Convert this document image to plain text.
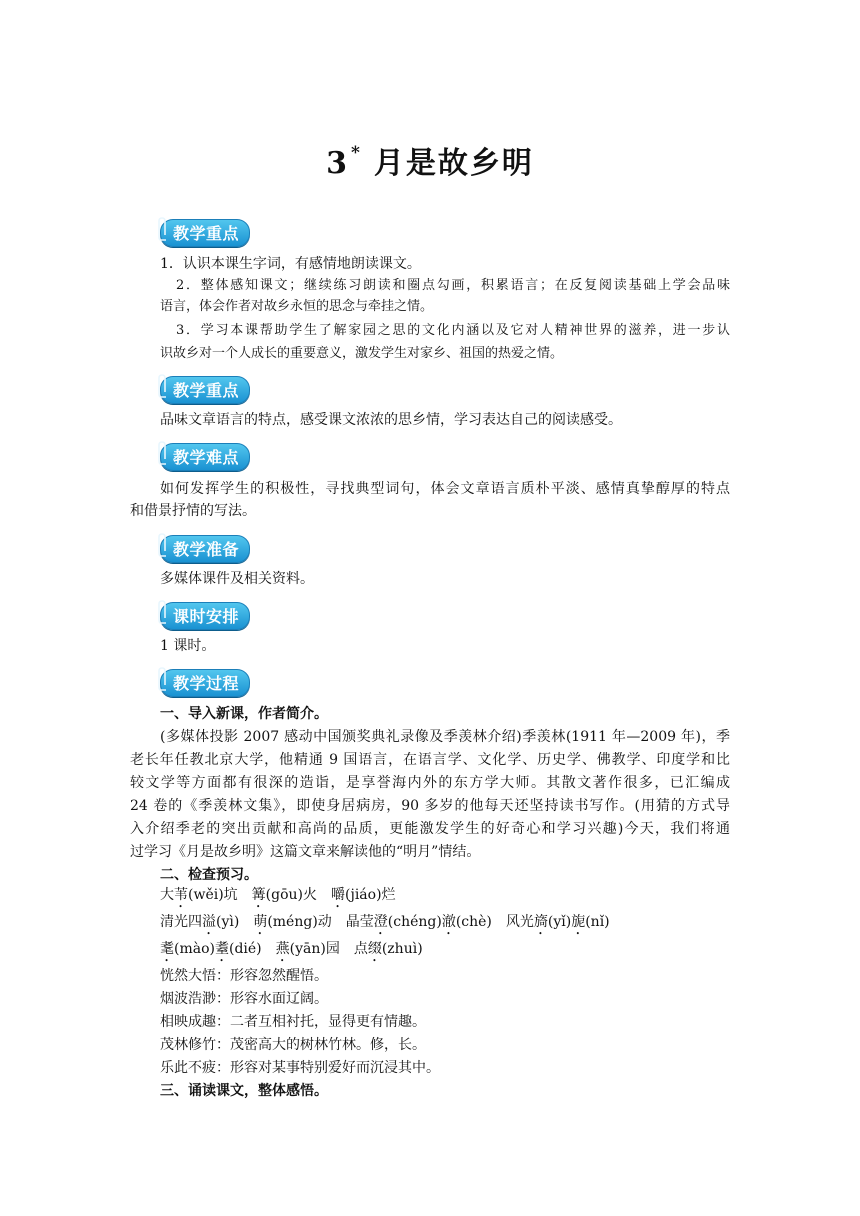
3 * 月是故乡明
教学重点
1．认识本课生字词，有感情地朗读课文。
2．整体感知课文；继续练习朗读和圈点勾画，积累语言；在反复阅读基础上学会品味
语言，体会作者对故乡永恒的思念与牵挂之情。
3．学习本课帮助学生了解家园之思的文化内涵以及它对人精神世界的滋养，进一步认
识故乡对一个人成长的重要意义，激发学生对家乡、祖国的热爱之情。
教学重点
品味文章语言的特点，感受课文浓浓的思乡情，学习表达自己的阅读感受。
教学难点
如何发挥学生的积极性，寻找典型词句，体会文章语言质朴平淡、感情真挚醇厚的特点
和借景抒情的写法。
教学准备
多媒体课件及相关资料。
课时安排
1 课时。
教学过程
一、导入新课，作者简介。
(多媒体投影 2007 感动中国颁奖典礼录像及季羡林介绍)季羡林(1911 年—2009 年)，季
老长年任教北京大学，他精通 9 国语言，在语言学、文化学、历史学、佛教学、印度学和比
较文学等方面都有很深的造诣，是享誉海内外的东方学大师。其散文著作很多，已汇编成
24 卷的《季羡林文集》，即使身居病房，90 多岁的他每天还坚持读书写作。(用猜的方式导
入介绍季老的突出贡献和高尚的品质，更能激发学生的好奇心和学习兴趣)今天，我们将通
过学习《月是故乡明》这篇文章来解读他的“明月”情结。
二、检查预习。
大苇(wěi)坑　篝(gōu)火　嚼(jiáo)烂
清光四溢(yì)　萌(méng)动　晶莹澄(chéng)澈(chè)　风光旖(yǐ)旎(nǐ)
耄(mào)耋(dié)　燕(yān)园　点缀(zhuì)
恍然大悟：形容忽然醒悟。
烟波浩渺：形容水面辽阔。
相映成趣：二者互相衬托，显得更有情趣。
茂林修竹：茂密高大的树林竹林。修，长。
乐此不疲：形容对某事特别爱好而沉浸其中。
三、诵读课文，整体感悟。
